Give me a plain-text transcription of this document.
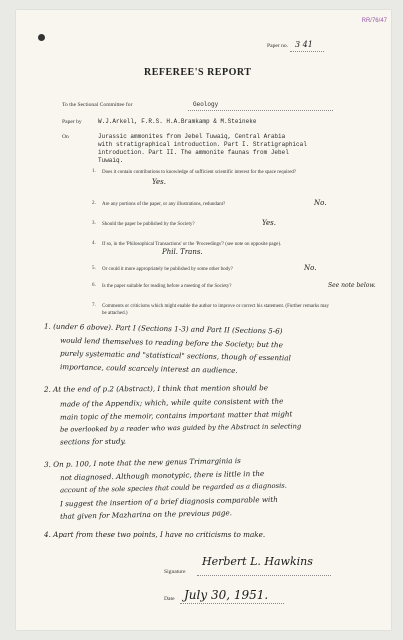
RR/76/47
Paper no. 3 41
REFEREE'S REPORT
To the Sectional Committee for	Geology
Paper by	W.J.Arkell, F.R.S. H.A.Bramkamp & M.Steineke
On	Jurassic ammonites from Jebel Tuwaiq, Central Arabia
with stratigraphical introduction. Part I. Stratigraphical
introduction. Part II. The ammonite faunas from Jebel
Tuwaiq.
1. Does it contain contributions to knowledge of sufficient scientific interest for the space required?
Yes.
2. Are any portions of the paper, or any illustrations, redundant?	No.
3. Should the paper be published by the Society?	Yes.
4. If so, in the 'Philosophical Transactions' or the 'Proceedings'? (see note on opposite page).
Phil. Trans.
5. Or could it more appropriately be published by some other body?	No.
6. Is the paper suitable for reading before a meeting of the Society?	See note below.
7. Comments or criticisms which might enable the author to improve or correct his statement. (Further remarks may be attached.)
1. (under 6 above). Part I (Sections 1-3) and Part II (Sections 5-6)
would lend themselves to reading before the Society; but the
purely systematic and "statistical" sections, though of essential
importance, could scarcely interest an audience.
2. At the end of p.2 (Abstract), I think that mention should be
made of the Appendix; which, while quite consistent with the
main topic of the memoir, contains important matter that might
be overlooked by a reader who was guided by the Abstract in selecting
sections for study.
3. On p. 100, I note that the new genus Trimarginia is
not diagnosed. Although monotypic, there is little in the
account of the sole species that could be regarded as a diagnosis.
I suggest the insertion of a brief diagnosis comparable with
that given for Mazharina on the previous page.
4. Apart from these two points, I have no criticisms to make.
Signature
Herbert L. Hawkins
Date July 30, 1951.
